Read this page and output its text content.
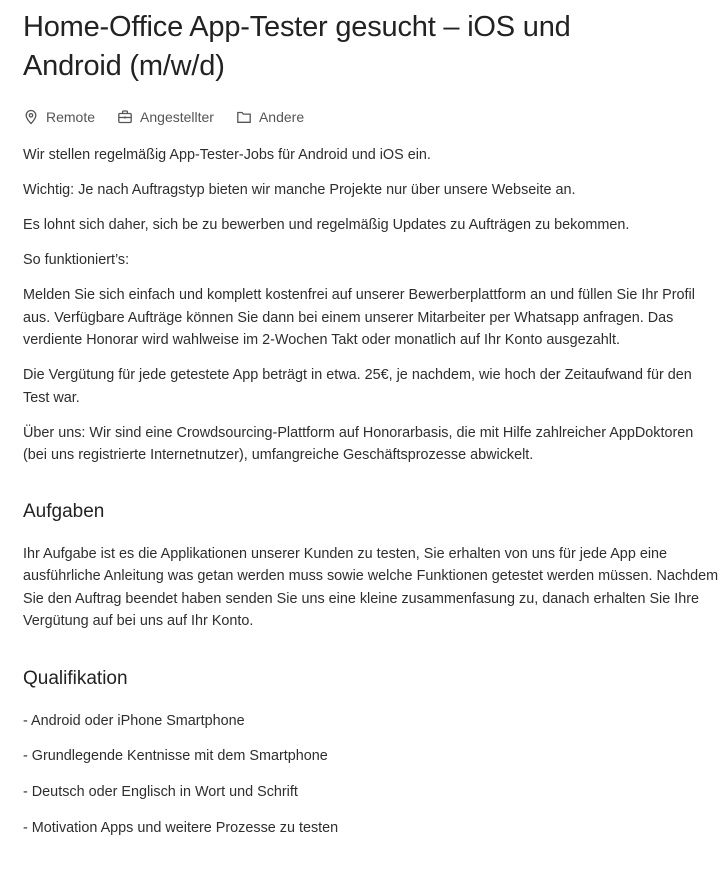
Home-Office App-Tester gesucht – iOS und Android (m/w/d)
Remote	Angestellter	Andere

Wir stellen regelmäßig App-Tester-Jobs für Android und iOS ein.

Wichtig: Je nach Auftragstyp bieten wir manche Projekte nur über unsere Webseite an.

Es lohnt sich daher, sich be zu bewerben und regelmäßig Updates zu Aufträgen zu bekommen.

So funktioniert’s:

Melden Sie sich einfach und komplett kostenfrei auf unserer Bewerberplattform an und füllen Sie Ihr Profil aus. Verfügbare Aufträge können Sie dann bei einem unserer Mitarbeiter per Whatsapp anfragen. Das verdiente Honorar wird wahlweise im 2-Wochen Takt oder monatlich auf Ihr Konto ausgezahlt.

Die Vergütung für jede getestete App beträgt in etwa. 25€, je nachdem, wie hoch der Zeitaufwand für den Test war.

Über uns: Wir sind eine Crowdsourcing-Plattform auf Honorarbasis, die mit Hilfe zahlreicher AppDoktoren (bei uns registrierte Internetnutzer), umfangreiche Geschäftsprozesse abwickelt.

Aufgaben

Ihr Aufgabe ist es die Applikationen unserer Kunden zu testen, Sie erhalten von uns für jede App eine ausführliche Anleitung was getan werden muss sowie welche Funktionen getestet werden müssen. Nachdem Sie den Auftrag beendet haben senden Sie uns eine kleine zusammenfasung zu, danach erhalten Sie Ihre Vergütung auf bei uns auf Ihr Konto.

Qualifikation

- Android oder iPhone Smartphone

- Grundlegende Kentnisse mit dem Smartphone

- Deutsch oder Englisch in Wort und Schrift

- Motivation Apps und weitere Prozesse zu testen
